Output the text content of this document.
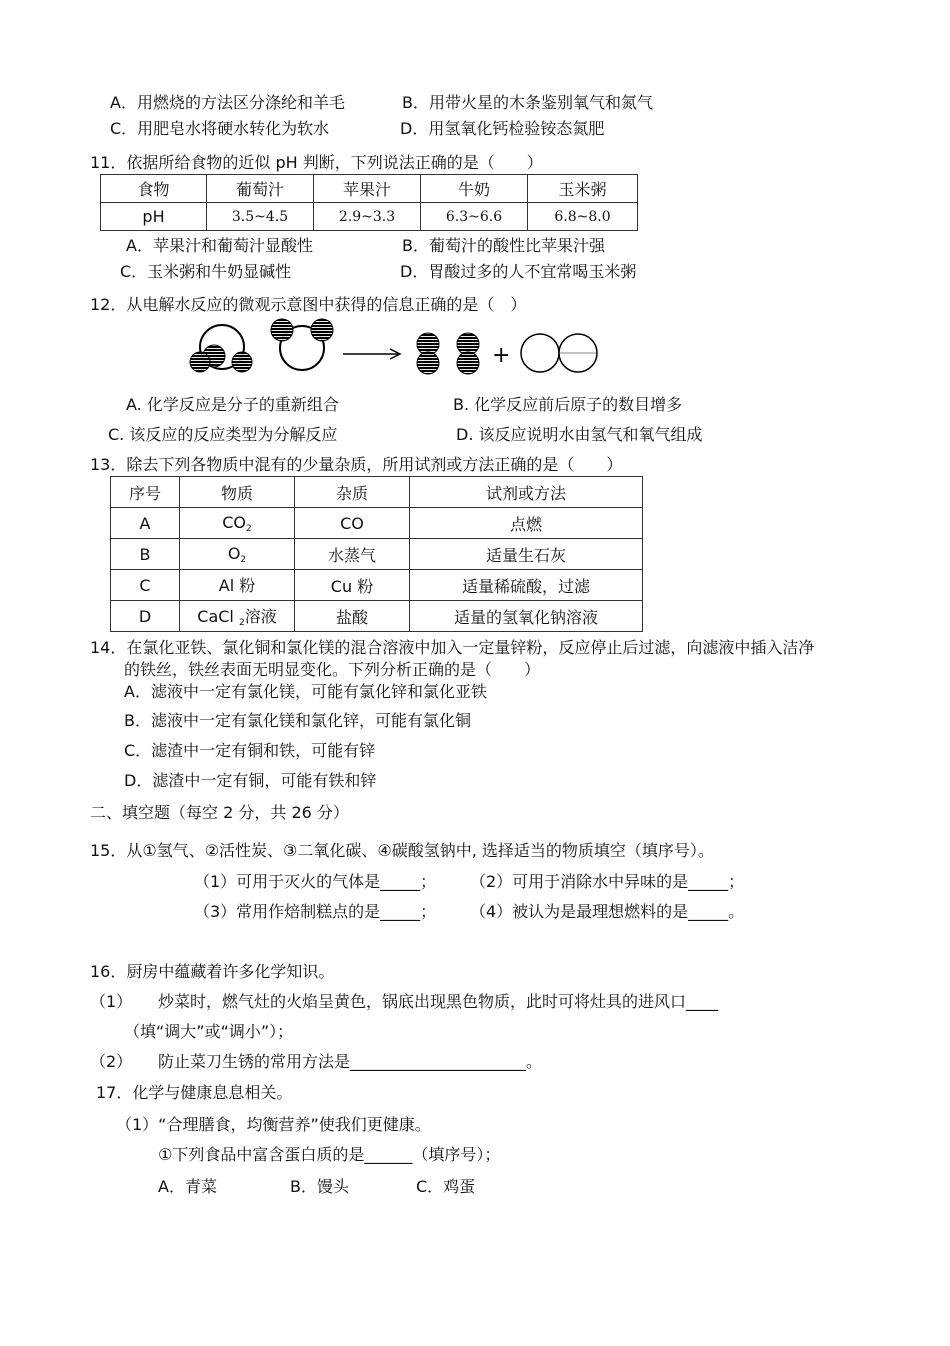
A．用燃烧的方法区分涤纶和羊毛	B．用带火星的木条鉴别氧气和氮气
C．用肥皂水将硬水转化为软水	D．用氢氧化钙检验铵态氮肥
11．依据所给食物的近似 pH 判断，下列说法正确的是（　　）
食物	葡萄汁	苹果汁	牛奶	玉米粥
pH	3.5~4.5	2.9~3.3	6.3~6.6	6.8~8.0
A．苹果汁和葡萄汁显酸性	B．葡萄汁的酸性比苹果汁强
C．玉米粥和牛奶显碱性	D．胃酸过多的人不宜常喝玉米粥
12．从电解水反应的微观示意图中获得的信息正确的是（　）
+
A. 化学反应是分子的重新组合	B. 化学反应前后原子的数目增多
C. 该反应的反应类型为分解反应	D. 该反应说明水由氢气和氧气组成
13．除去下列各物质中混有的少量杂质，所用试剂或方法正确的是（　　）
序号	物质	杂质	试剂或方法
A	$CO_2$	CO	点燃
B	$O_2$	水蒸气	适量生石灰
C	Al 粉	Cu 粉	适量稀硫酸，过滤
D	CaCl $_2$溶液	盐酸	适量的氢氧化钠溶液
14．在氯化亚铁、氯化铜和氯化镁的混合溶液中加入一定量锌粉，反应停止后过滤，向滤液中插入洁净
的铁丝，铁丝表面无明显变化。下列分析正确的是（　　）
A．滤液中一定有氯化镁，可能有氯化锌和氯化亚铁
B．滤液中一定有氯化镁和氯化锌，可能有氯化铜
C．滤渣中一定有铜和铁，可能有锌
D．滤渣中一定有铜，可能有铁和锌
二、填空题（每空 2 分，共 26 分）
15．从①氢气、②活性炭、③二氧化碳、④碳酸氢钠中, 选择适当的物质填空（填序号）。
（1）可用于灭火的气体是_____； （2）可用于消除水中异味的是_____；
（3）常用作焙制糕点的是_____； （4）被认为是最理想燃料的是_____。
16．厨房中蕴藏着许多化学知识。
（1） 炒菜时，燃气灶的火焰呈黄色，锅底出现黑色物质，此时可将灶具的进风口____
（填“调大”或“调小”）；
（2） 防止菜刀生锈的常用方法是______________________。
17．化学与健康息息相关。
（1）“合理膳食，均衡营养”使我们更健康。
①下列食品中富含蛋白质的是______（填序号）；
A．青菜	B．馒头	C．鸡蛋
